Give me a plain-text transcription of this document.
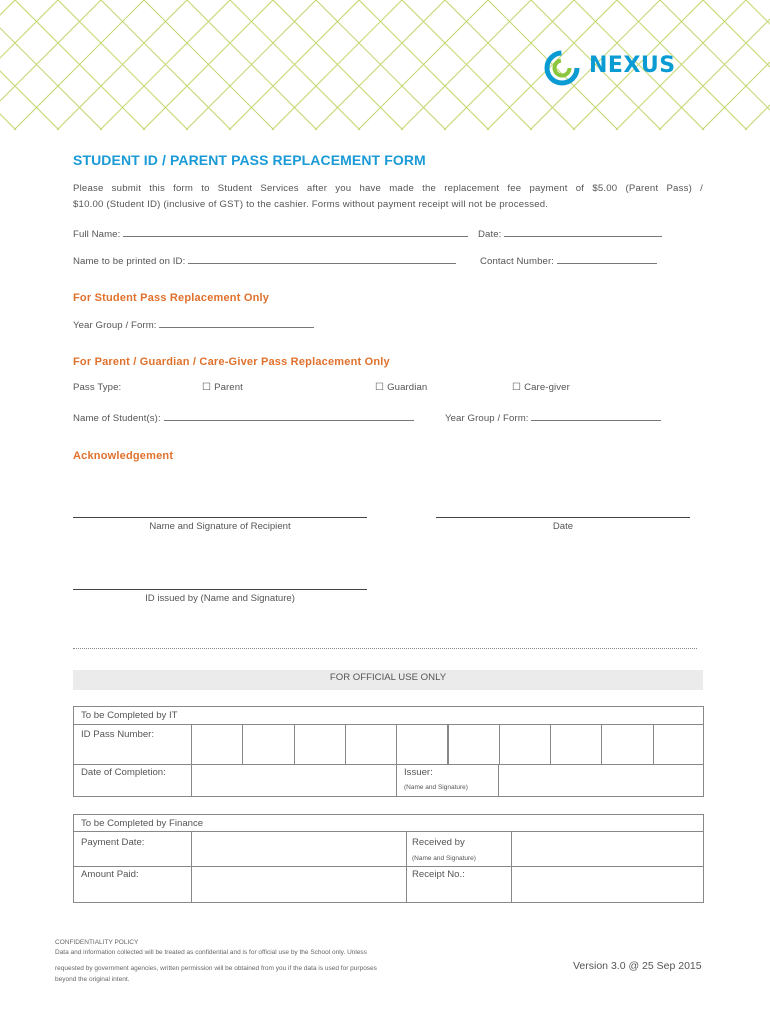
NEXUS
STUDENT ID / PARENT PASS REPLACEMENT FORM
Please submit this form to Student Services after you have made the replacement fee payment of $5.00 (Parent Pass) /
$10.00 (Student ID) (inclusive of GST) to the cashier. Forms without payment receipt will not be processed.
Full Name:	Date:
Name to be printed on ID:	Contact Number:
For Student Pass Replacement Only
Year Group / Form:
For Parent / Guardian / Care-Giver Pass Replacement Only
Pass Type:	☐ Parent	☐ Guardian	☐ Care-giver
Name of Student(s):	Year Group / Form:
Acknowledgement
Name and Signature of Recipient	Date
ID issued by (Name and Signature)
FOR OFFICIAL USE ONLY
To be Completed by IT
ID Pass Number:
Date of Completion:	Issuer:
(Name and Signature)
To be Completed by Finance
Payment Date:	Received by
(Name and Signature)
Amount Paid:	Receipt No.:
CONFIDENTIALITY POLICY
Data and information collected will be treated as confidential and is for official use by the School only. Unless
requested by government agencies, written permission will be obtained from you if the data is used for purposes
beyond the original intent.
Version 3.0 @ 25 Sep 2015
